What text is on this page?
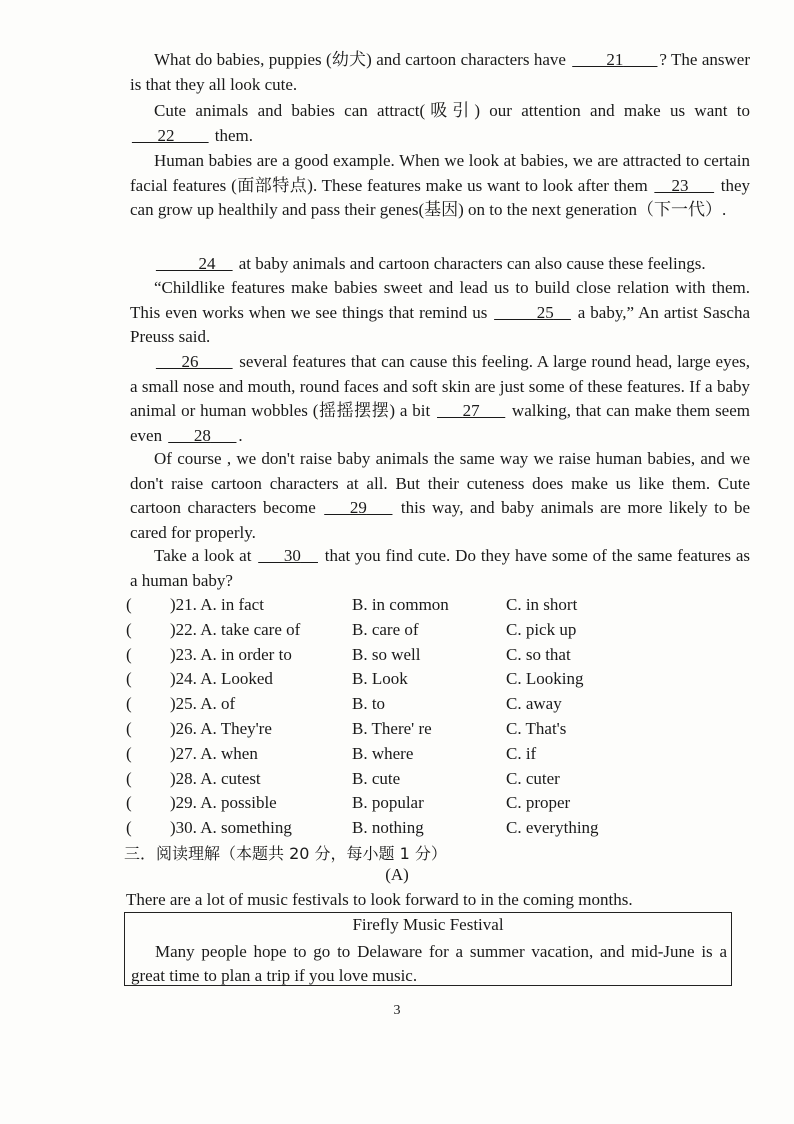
What do babies, puppies (幼犬) and cartoon characters have ____21____ ? The answer is that they all look cute.

Cute animals and babies can attract(吸引) our attention and make us want to ___22____ them.

Human babies are a good example. When we look at babies, we are attracted to certain facial features (面部特点). These features make us want to look after them __23___ they can grow up healthily and pass their genes(基因) on to the next generation（下一代）.

_____24__ at baby animals and cartoon characters can also cause these feelings.

“Childlike features make babies sweet and lead us to build close relation with them. This even works when we see things that remind us _____25__ a baby,” An artist Sascha Preuss said.

___26____ several features that can cause this feeling. A large round head, large eyes, a small nose and mouth, round faces and soft skin are just some of these features. If a baby animal or human wobbles (摇摇摆摆) a bit ___27___ walking, that can make them seem even ___28___ .

Of course , we don't raise baby animals the same way we raise human babies, and we don't raise cartoon characters at all. But their cuteness does make us like them. Cute cartoon characters become ___29___ this way, and baby animals are more likely to be cared for properly.

Take a look at ___30__ that you find cute. Do they have some of the same features as a human baby?

( )21. A. in fact	B. in common	C. in short
( )22. A. take care of	B. care of	C. pick up
( )23. A. in order to	B. so well	C. so that
( )24. A. Looked	B. Look	C. Looking
( )25. A. of	B. to	C. away
( )26. A. They're	B. There' re	C. That's
( )27. A. when	B. where	C. if
( )28. A. cutest	B. cute	C. cuter
( )29. A. possible	B. popular	C. proper
( )30. A. something	B. nothing	C. everything
三．阅读理解（本题共 20 分，每小题 1 分）
(A)
There are a lot of music festivals to look forward to in the coming months.
Firefly Music Festival
Many people hope to go to Delaware for a summer vacation, and mid-June is a great time to plan a trip if you love music.
3
